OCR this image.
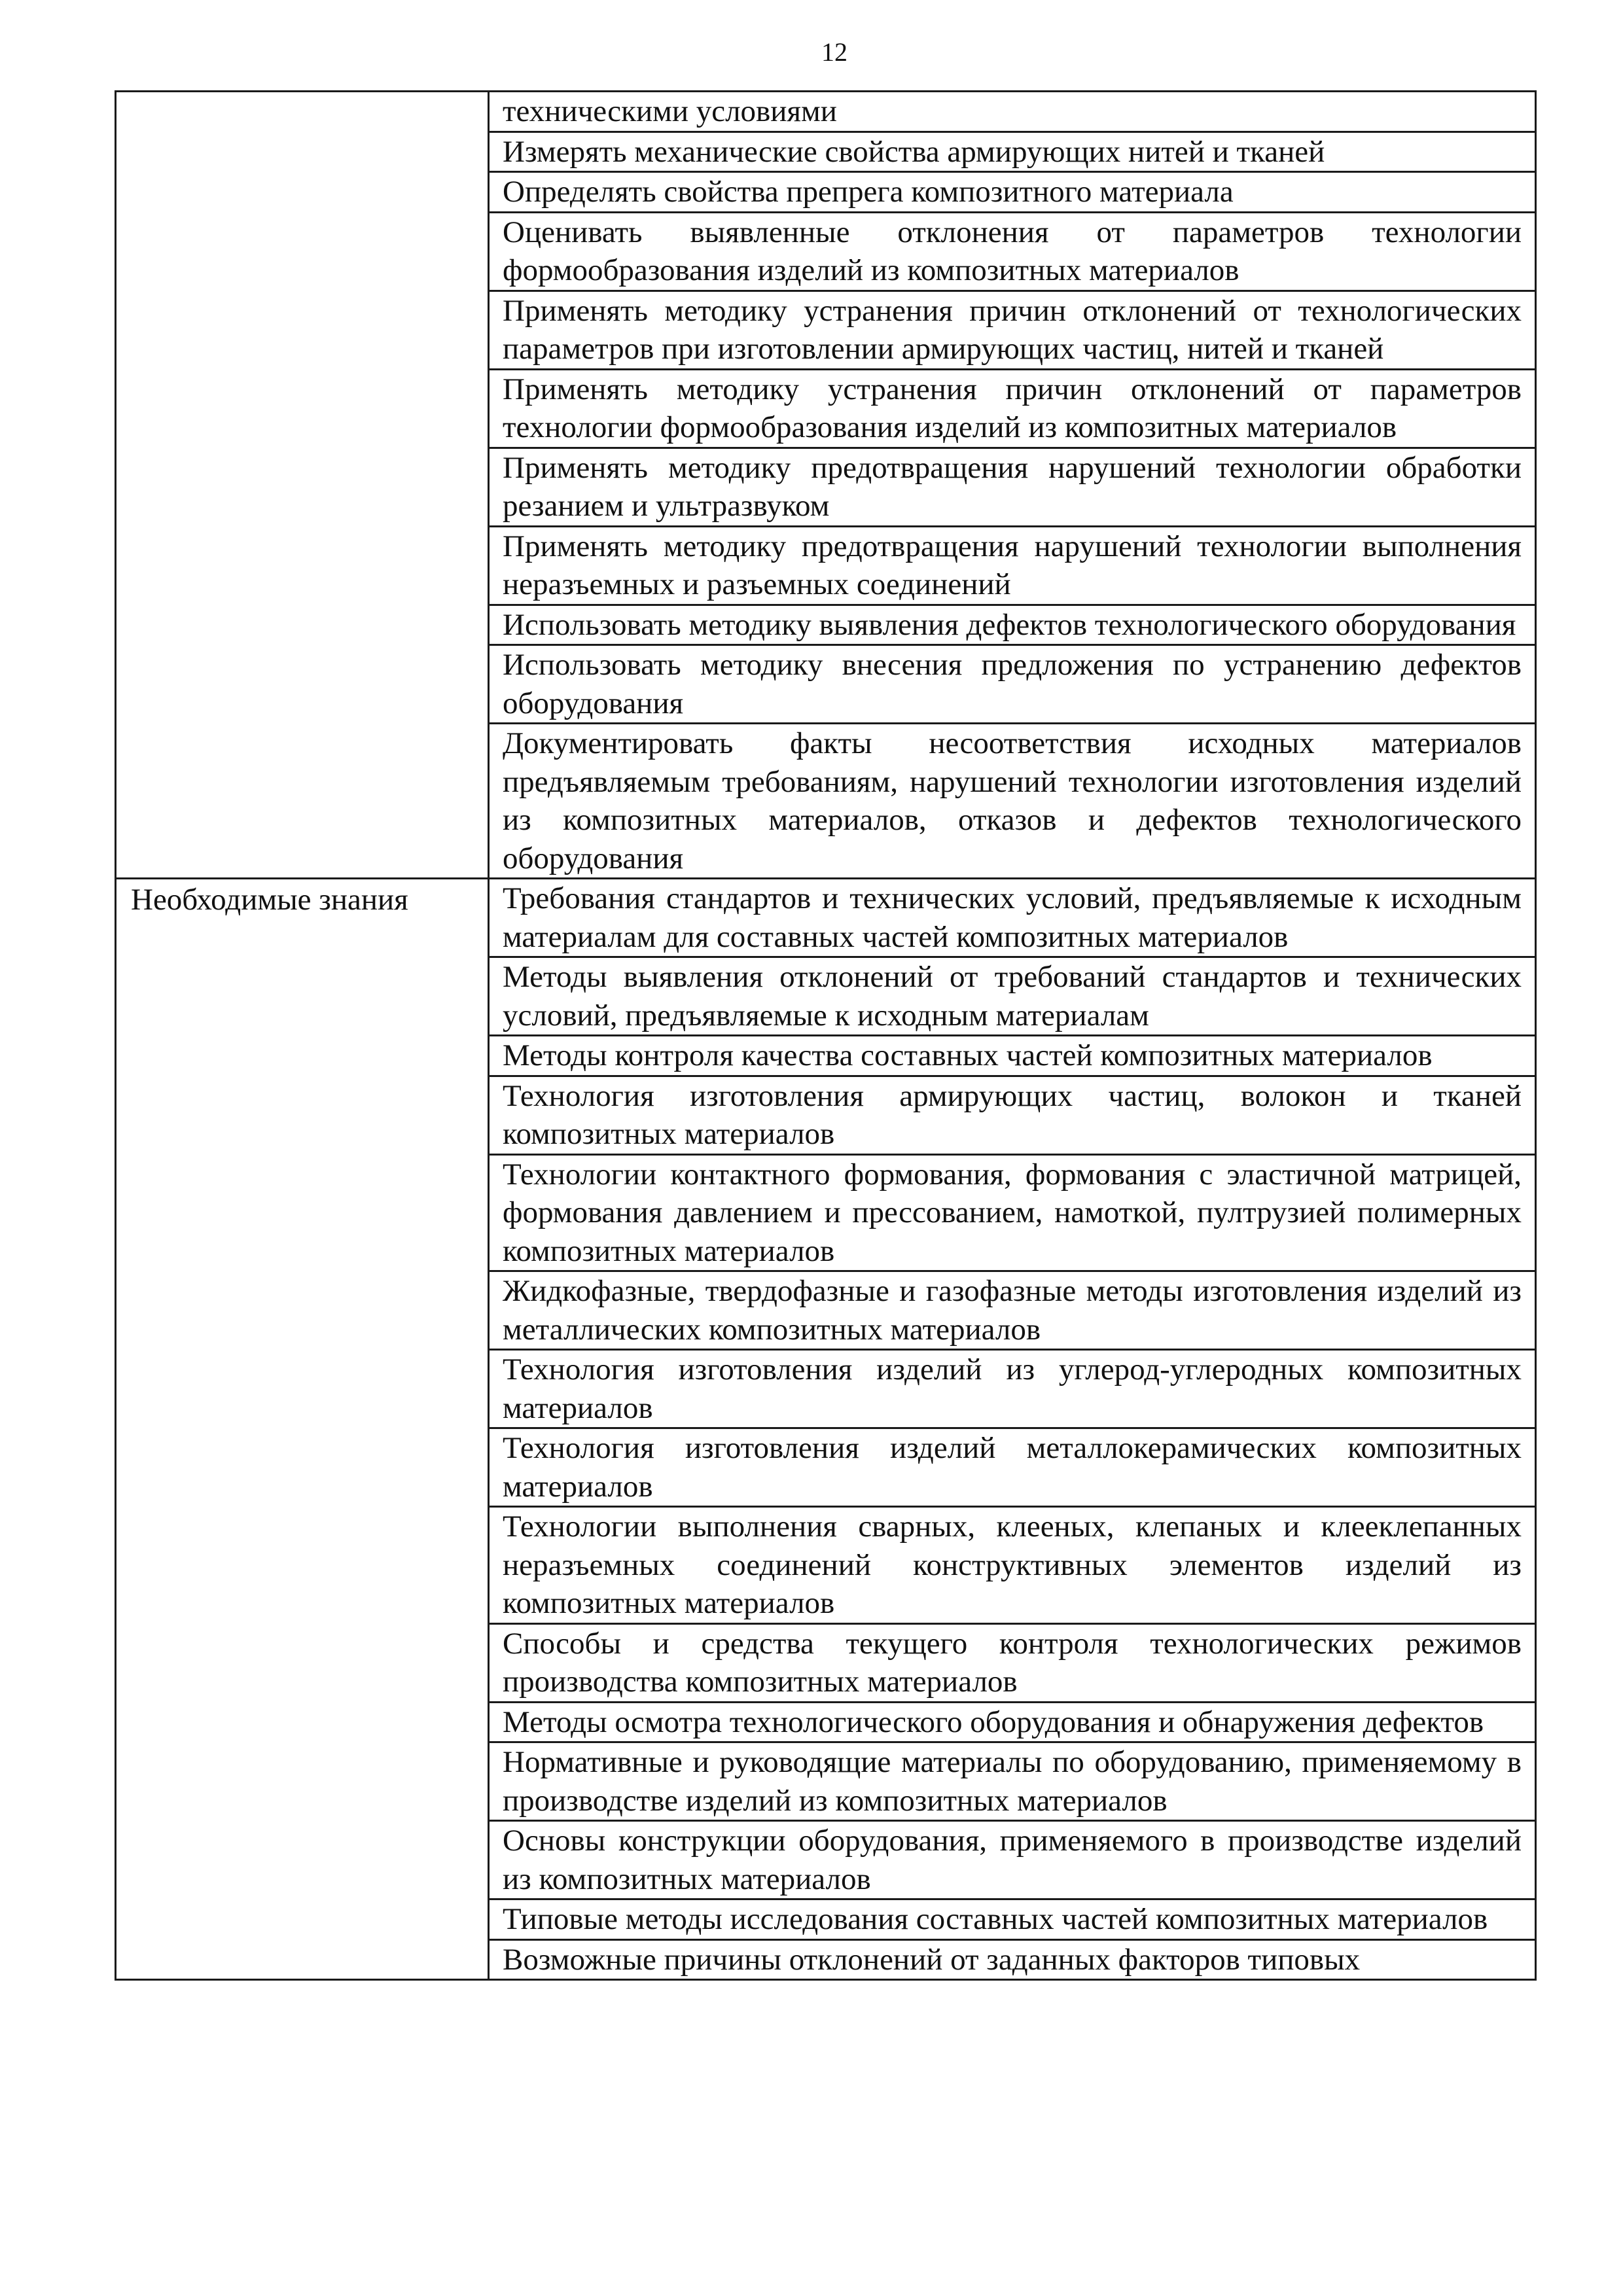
12
	техническими условиями
	Измерять механические свойства армирующих нитей и тканей
	Определять свойства препрега композитного материала
	Оценивать выявленные отклонения от параметров технологии формообразования изделий из композитных материалов
	Применять методику устранения причин отклонений от технологических параметров при изготовлении армирующих частиц, нитей и тканей
	Применять методику устранения причин отклонений от параметров технологии формообразования изделий из композитных материалов
	Применять методику предотвращения нарушений технологии обработки резанием и ультразвуком
	Применять методику предотвращения нарушений технологии выполнения неразъемных и разъемных соединений
	Использовать методику выявления дефектов технологического оборудования
	Использовать методику внесения предложения по устранению дефектов оборудования
	Документировать факты несоответствия исходных материалов предъявляемым требованиям, нарушений технологии изготовления изделий из композитных материалов, отказов и дефектов технологического оборудования
Необходимые знания	Требования стандартов и технических условий, предъявляемые к исходным материалам для составных частей композитных материалов
	Методы выявления отклонений от требований стандартов и технических условий, предъявляемые к исходным материалам
	Методы контроля качества составных частей композитных материалов
	Технология изготовления армирующих частиц, волокон и тканей композитных материалов
	Технологии контактного формования, формования с эластичной матрицей, формования давлением и прессованием, намоткой, пултрузией полимерных композитных материалов
	Жидкофазные, твердофазные и газофазные методы изготовления изделий из металлических композитных материалов
	Технология изготовления изделий из углерод-углеродных композитных материалов
	Технология изготовления изделий металлокерамических композитных материалов
	Технологии выполнения сварных, клееных, клепаных и клееклепанных неразъемных соединений конструктивных элементов изделий из композитных материалов
	Способы и средства текущего контроля технологических режимов производства композитных материалов
	Методы осмотра технологического оборудования и обнаружения дефектов
	Нормативные и руководящие материалы по оборудованию, применяемому в производстве изделий из композитных материалов
	Основы конструкции оборудования, применяемого в производстве изделий из композитных материалов
	Типовые методы исследования составных частей композитных материалов
	Возможные причины отклонений от заданных факторов типовых
